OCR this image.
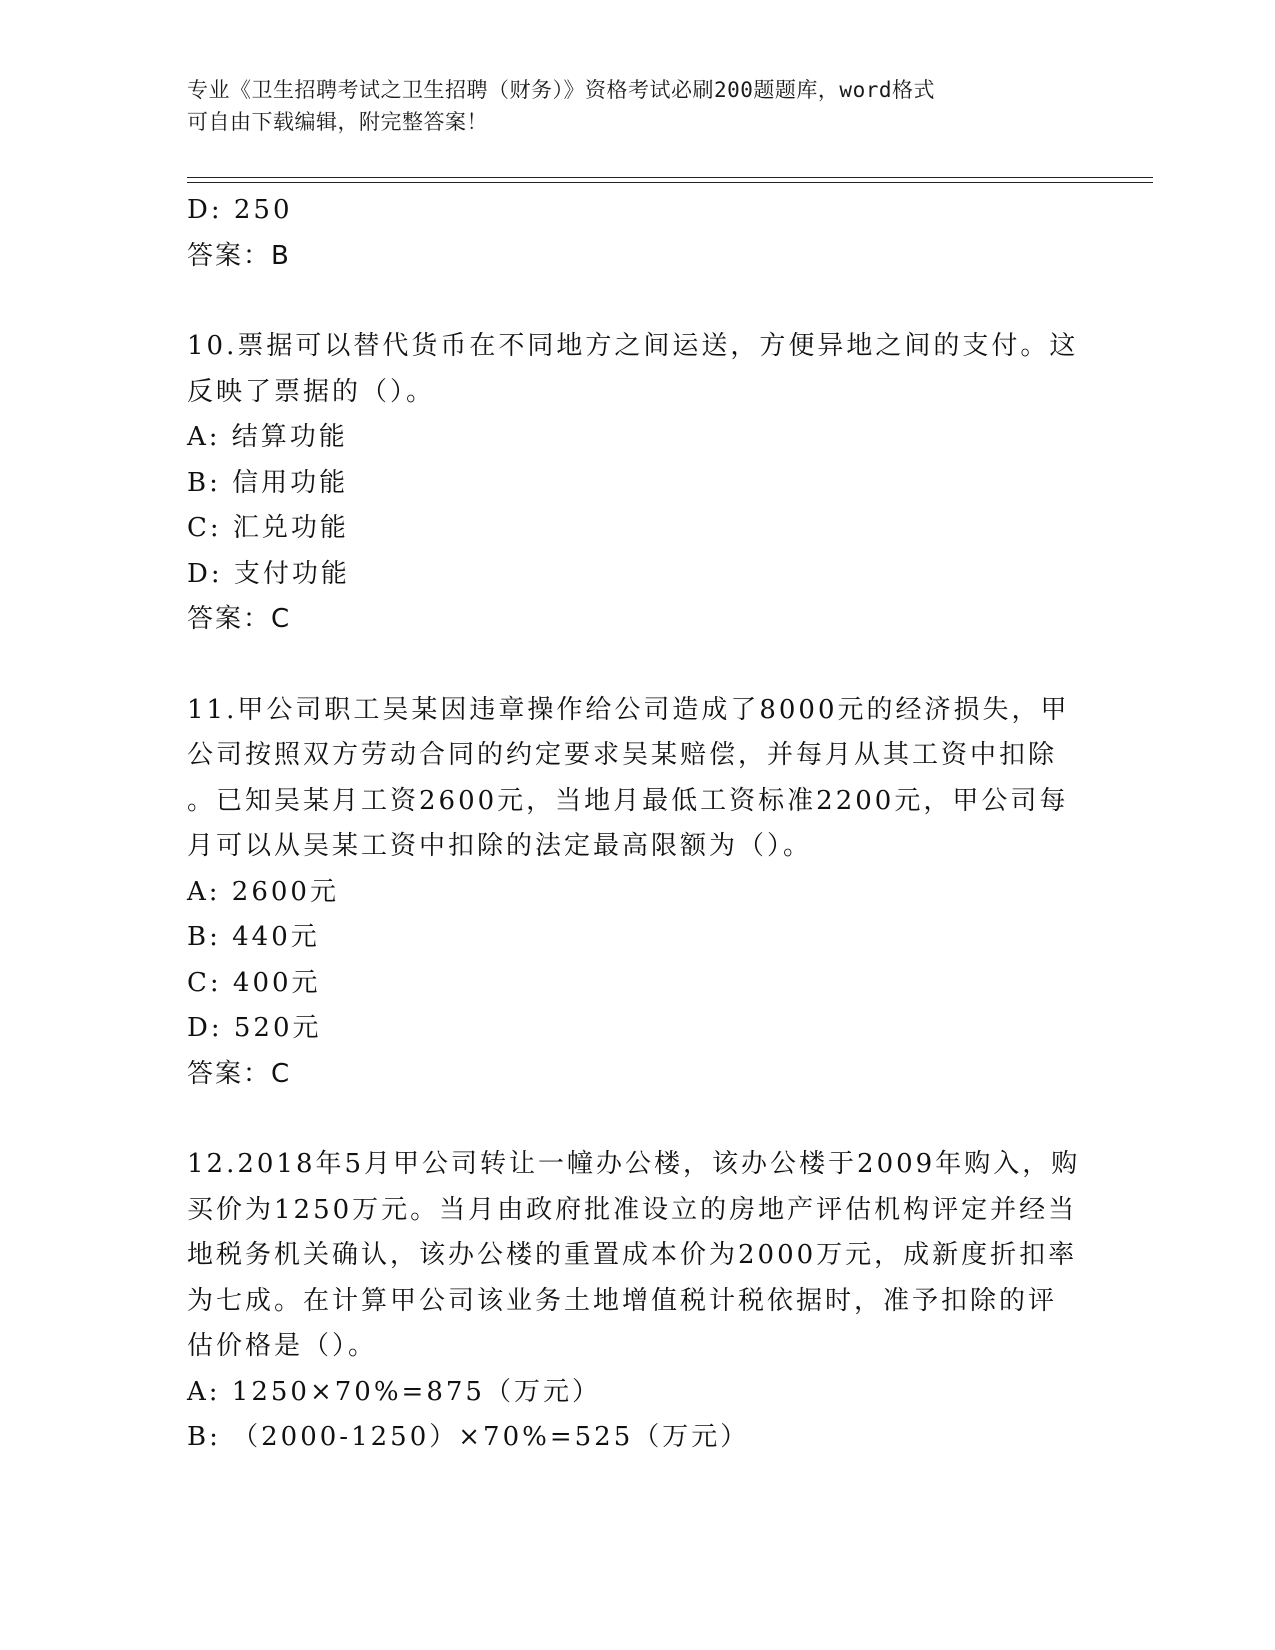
专业《卫生招聘考试之卫生招聘（财务）》资格考试必刷200题题库，word格式
可自由下载编辑，附完整答案！
D: 250
答案：B
10.票据可以替代货币在不同地方之间运送，方便异地之间的支付。这
反映了票据的（）。
A: 结算功能
B: 信用功能
C: 汇兑功能
D: 支付功能
答案：C
11.甲公司职工吴某因违章操作给公司造成了8000元的经济损失，甲
公司按照双方劳动合同的约定要求吴某赔偿，并每月从其工资中扣除
。已知吴某月工资2600元，当地月最低工资标准2200元，甲公司每
月可以从吴某工资中扣除的法定最高限额为（）。
A: 2600元
B: 440元
C: 400元
D: 520元
答案：C
12.2018年5月甲公司转让一幢办公楼，该办公楼于2009年购入，购
买价为1250万元。当月由政府批准设立的房地产评估机构评定并经当
地税务机关确认，该办公楼的重置成本价为2000万元，成新度折扣率
为七成。在计算甲公司该业务土地增值税计税依据时，准予扣除的评
估价格是（）。
A: 1250×70%=875（万元）
B: （2000-1250）×70%=525（万元）
